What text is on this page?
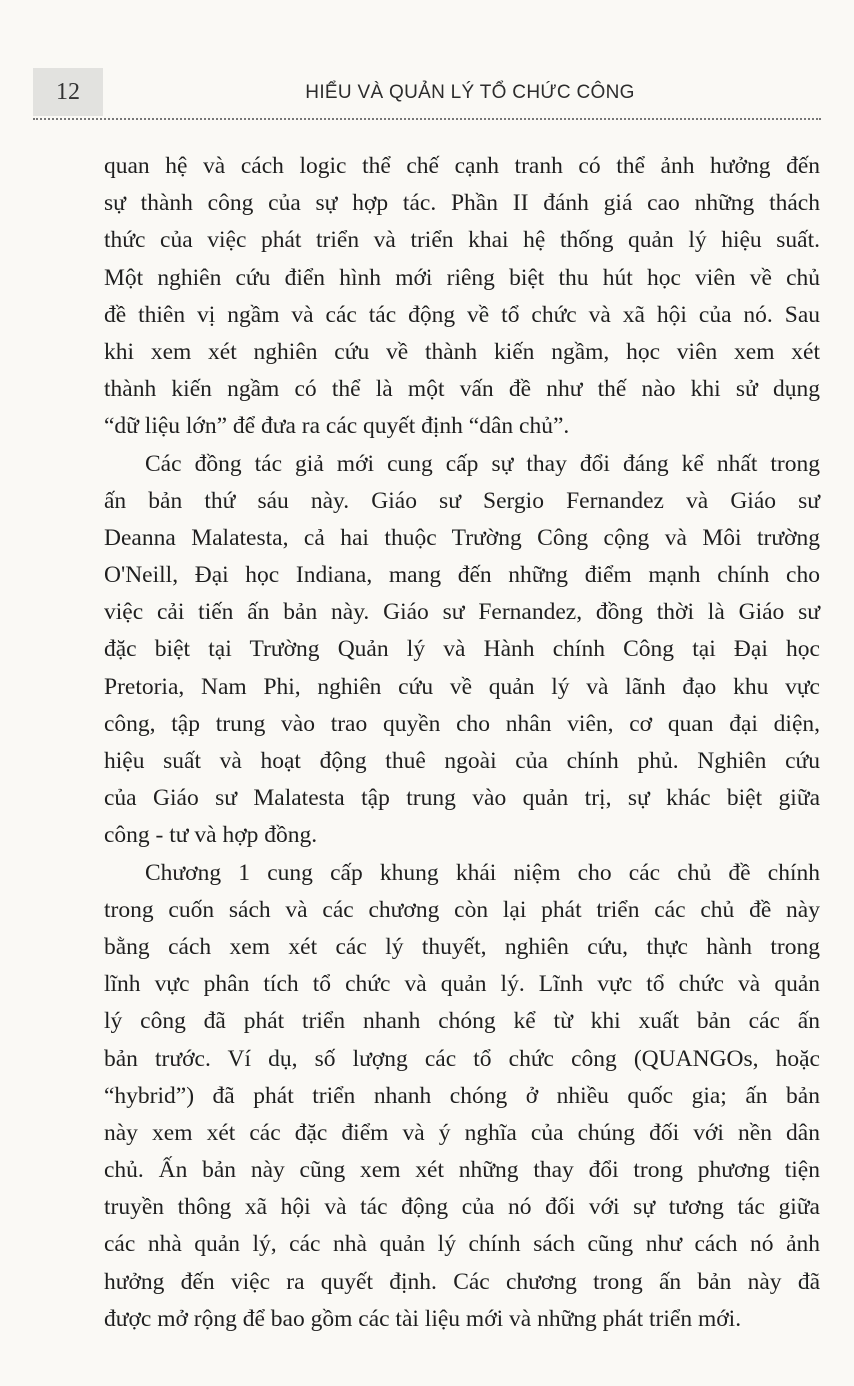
12	HIỂU VÀ QUẢN LÝ TỔ CHỨC CÔNG
quan hệ và cách logic thể chế cạnh tranh có thể ảnh hưởng đến
sự thành công của sự hợp tác. Phần II đánh giá cao những thách
thức của việc phát triển và triển khai hệ thống quản lý hiệu suất.
Một nghiên cứu điển hình mới riêng biệt thu hút học viên về chủ
đề thiên vị ngầm và các tác động về tổ chức và xã hội của nó. Sau
khi xem xét nghiên cứu về thành kiến ngầm, học viên xem xét
thành kiến ngầm có thể là một vấn đề như thế nào khi sử dụng
“dữ liệu lớn” để đưa ra các quyết định “dân chủ”.
Các đồng tác giả mới cung cấp sự thay đổi đáng kể nhất trong
ấn bản thứ sáu này. Giáo sư Sergio Fernandez và Giáo sư
Deanna Malatesta, cả hai thuộc Trường Công cộng và Môi trường
O'Neill, Đại học Indiana, mang đến những điểm mạnh chính cho
việc cải tiến ấn bản này. Giáo sư Fernandez, đồng thời là Giáo sư
đặc biệt tại Trường Quản lý và Hành chính Công tại Đại học
Pretoria, Nam Phi, nghiên cứu về quản lý và lãnh đạo khu vực
công, tập trung vào trao quyền cho nhân viên, cơ quan đại diện,
hiệu suất và hoạt động thuê ngoài của chính phủ. Nghiên cứu
của Giáo sư Malatesta tập trung vào quản trị, sự khác biệt giữa
công - tư và hợp đồng.
Chương 1 cung cấp khung khái niệm cho các chủ đề chính
trong cuốn sách và các chương còn lại phát triển các chủ đề này
bằng cách xem xét các lý thuyết, nghiên cứu, thực hành trong
lĩnh vực phân tích tổ chức và quản lý. Lĩnh vực tổ chức và quản
lý công đã phát triển nhanh chóng kể từ khi xuất bản các ấn
bản trước. Ví dụ, số lượng các tổ chức công (QUANGOs, hoặc
“hybrid”) đã phát triển nhanh chóng ở nhiều quốc gia; ấn bản
này xem xét các đặc điểm và ý nghĩa của chúng đối với nền dân
chủ. Ấn bản này cũng xem xét những thay đổi trong phương tiện
truyền thông xã hội và tác động của nó đối với sự tương tác giữa
các nhà quản lý, các nhà quản lý chính sách cũng như cách nó ảnh
hưởng đến việc ra quyết định. Các chương trong ấn bản này đã
được mở rộng để bao gồm các tài liệu mới và những phát triển mới.
